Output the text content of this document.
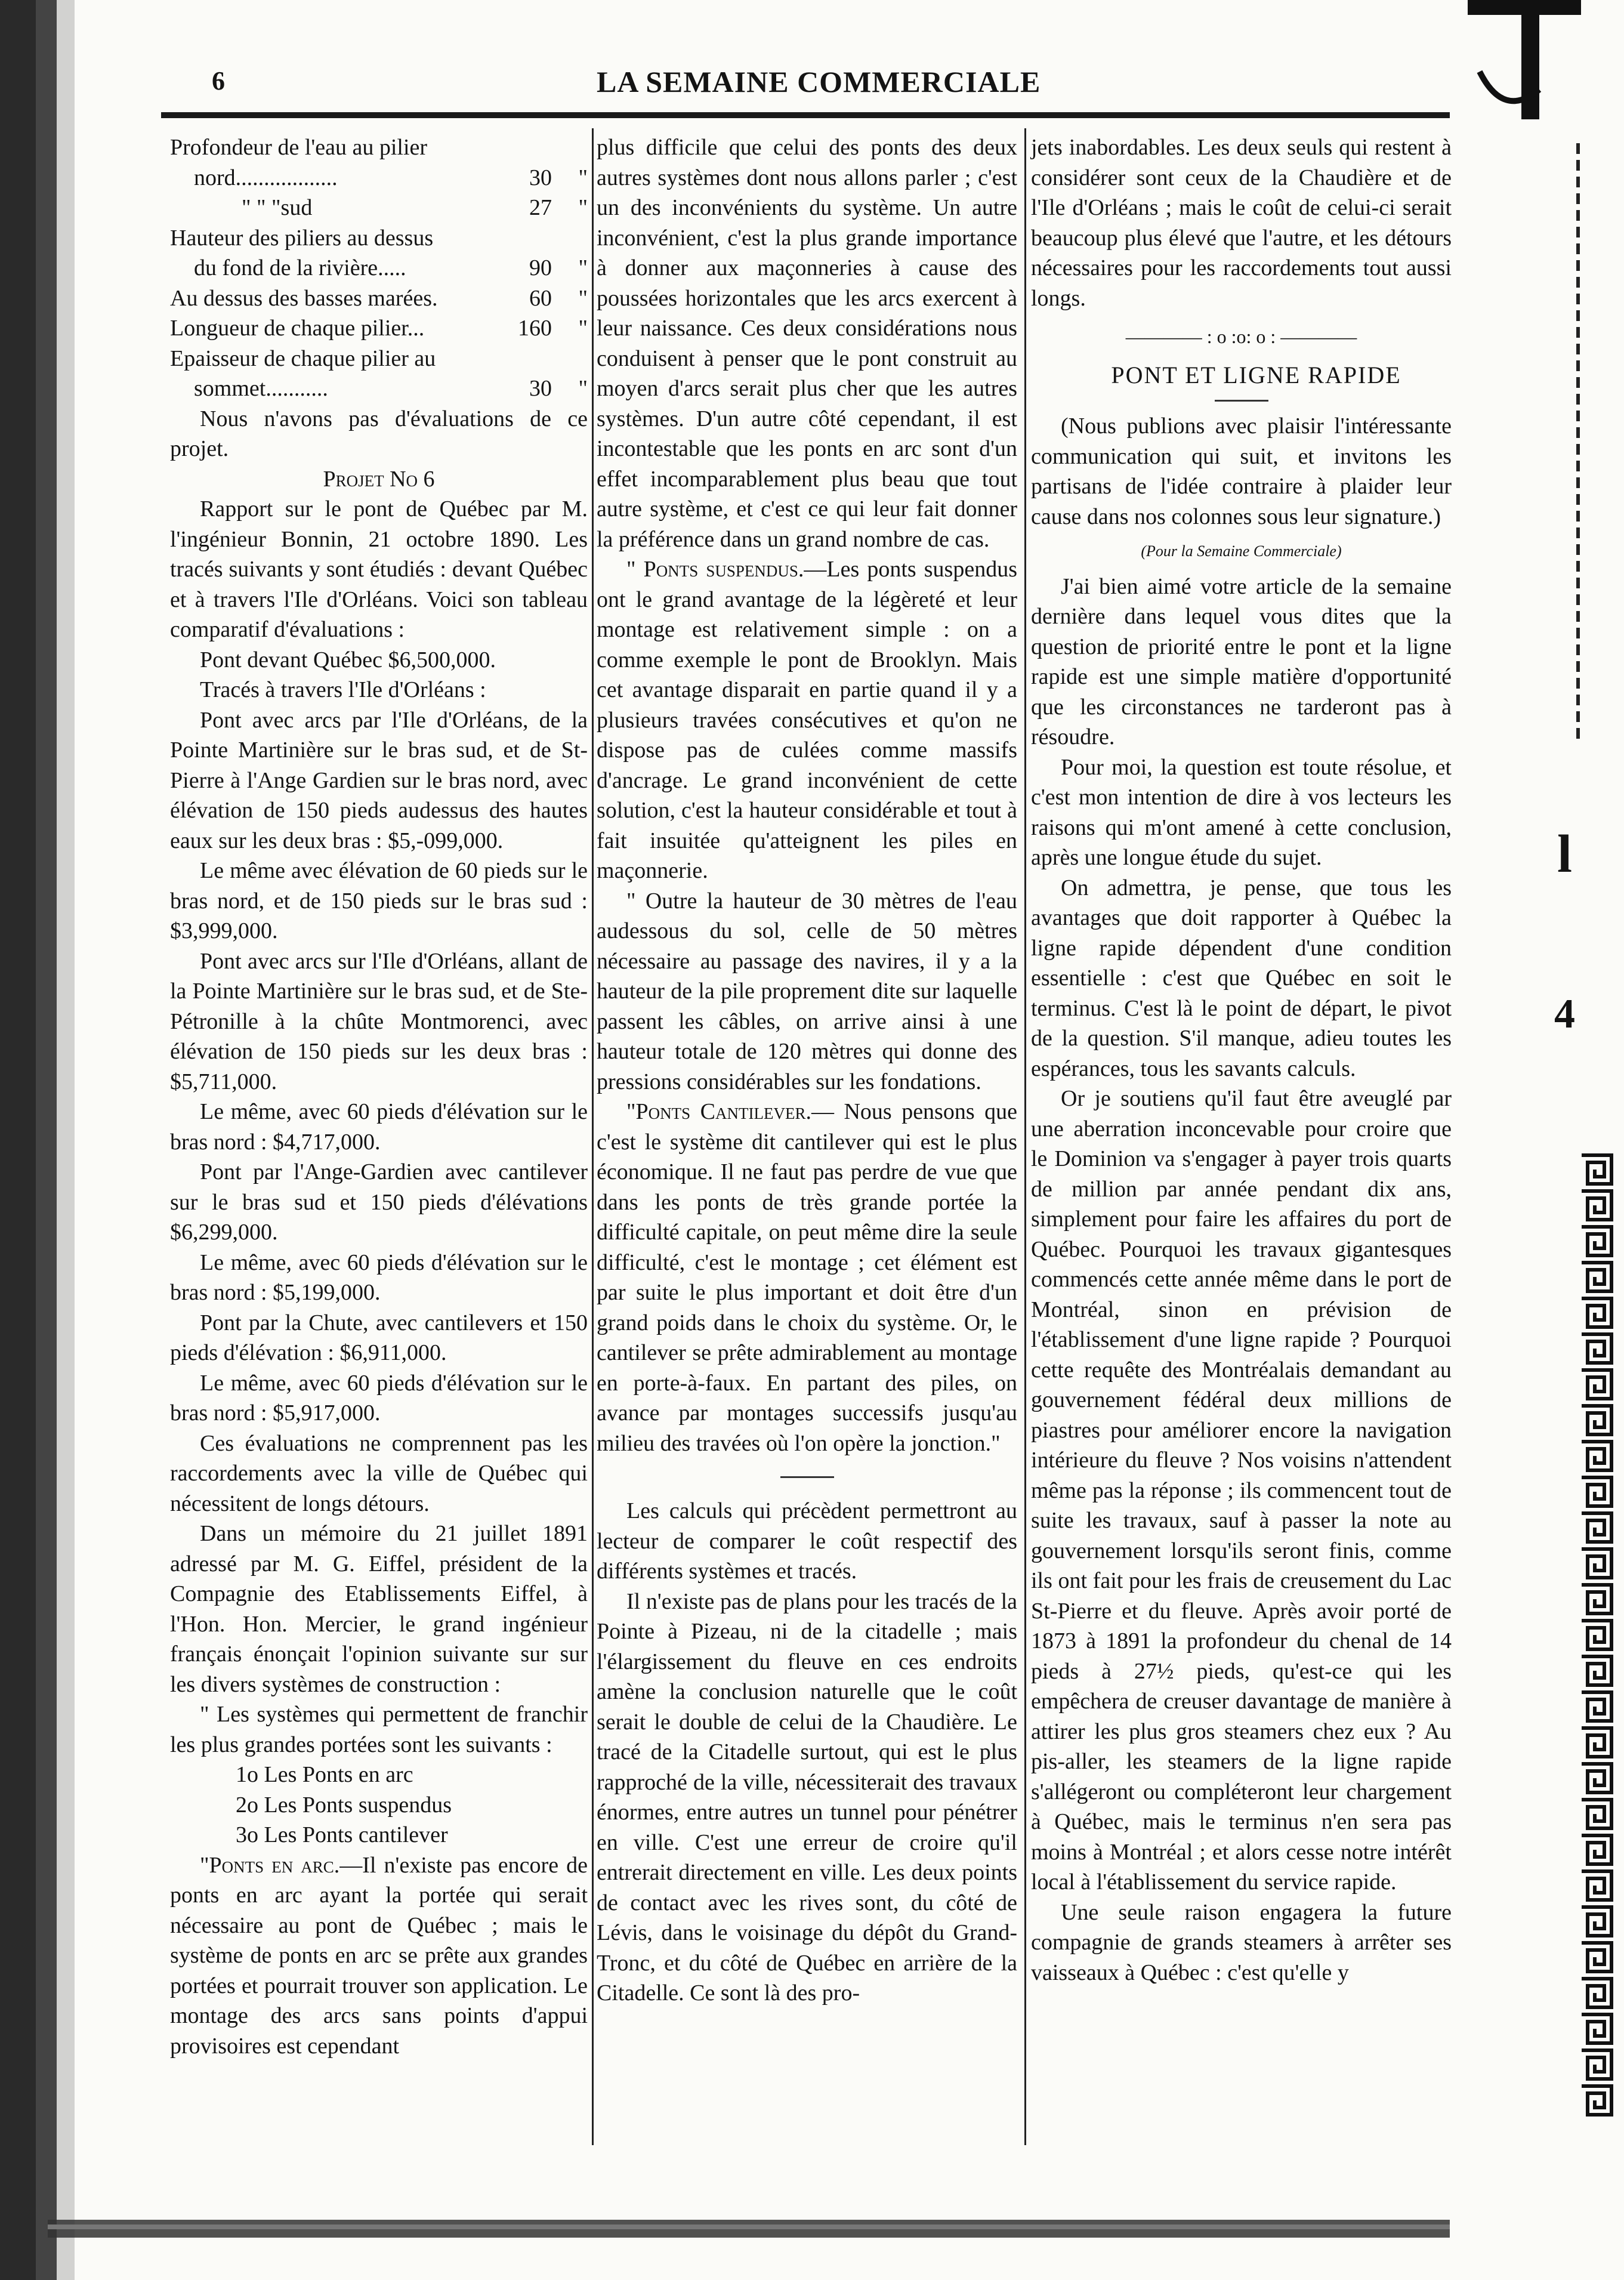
6	LA SEMAINE COMMERCIALE
Profondeur de l'eau au pilier
nord..................	30	"
" " "sud	27	"
Hauteur des piliers au dessus
du fond de la rivière.....	90	"
Au dessus des basses marées.	60	"
Longueur de chaque pilier...	160	"
Epaisseur de chaque pilier au
sommet...........	30	"

Nous n'avons pas d'évaluations de ce projet.

Projet No 6

Rapport sur le pont de Québec par M. l'ingénieur Bonnin, 21 octobre 1890. Les tracés suivants y sont étudiés : devant Québec et à travers l'Ile d'Orléans. Voici son tableau comparatif d'évaluations :

Pont devant Québec $6,500,000.

Tracés à travers l'Ile d'Orléans :

Pont avec arcs par l'Ile d'Orléans, de la Pointe Martinière sur le bras sud, et de St-Pierre à l'Ange Gardien sur le bras nord, avec élévation de 150 pieds audessus des hautes eaux sur les deux bras : $5,-099,000.

Le même avec élévation de 60 pieds sur le bras nord, et de 150 pieds sur le bras sud : $3,999,000.

Pont avec arcs sur l'Ile d'Orléans, allant de la Pointe Martinière sur le bras sud, et de Ste-Pétronille à la chûte Montmorenci, avec élévation de 150 pieds sur les deux bras : $5,711,000.

Le même, avec 60 pieds d'élévation sur le bras nord : $4,717,000.

Pont par l'Ange-Gardien avec cantilever sur le bras sud et 150 pieds d'élévations $6,299,000.

Le même, avec 60 pieds d'élévation sur le bras nord : $5,199,000.

Pont par la Chute, avec cantilevers et 150 pieds d'élévation : $6,911,000.

Le même, avec 60 pieds d'élévation sur le bras nord : $5,917,000.

Ces évaluations ne comprennent pas les raccordements avec la ville de Québec qui nécessitent de longs détours.

Dans un mémoire du 21 juillet 1891 adressé par M. G. Eiffel, président de la Compagnie des Etablissements Eiffel, à l'Hon. Hon. Mercier, le grand ingénieur français énonçait l'opinion suivante sur sur les divers systèmes de construction :

" Les systèmes qui permettent de franchir les plus grandes portées sont les suivants :

1o Les Ponts en arc

2o Les Ponts suspendus

3o Les Ponts cantilever

"Ponts en arc.—Il n'existe pas encore de ponts en arc ayant la portée qui serait nécessaire au pont de Québec ; mais le système de ponts en arc se prête aux grandes portées et pourrait trouver son application. Le montage des arcs sans points d'appui provisoires est cependant

plus difficile que celui des ponts des deux autres systèmes dont nous allons parler ; c'est un des inconvénients du système. Un autre inconvénient, c'est la plus grande importance à donner aux maçonneries à cause des poussées horizontales que les arcs exercent à leur naissance. Ces deux considérations nous conduisent à penser que le pont construit au moyen d'arcs serait plus cher que les autres systèmes. D'un autre côté cependant, il est incontestable que les ponts en arc sont d'un effet incomparablement plus beau que tout autre système, et c'est ce qui leur fait donner la préférence dans un grand nombre de cas.

" Ponts suspendus.—Les ponts suspendus ont le grand avantage de la légèreté et leur montage est relativement simple : on a comme exemple le pont de Brooklyn. Mais cet avantage disparait en partie quand il y a plusieurs travées consécutives et qu'on ne dispose pas de culées comme massifs d'ancrage. Le grand inconvénient de cette solution, c'est la hauteur considérable et tout à fait insuitée qu'atteignent les piles en maçonnerie.

" Outre la hauteur de 30 mètres de l'eau audessous du sol, celle de 50 mètres nécessaire au passage des navires, il y a la hauteur de la pile proprement dite sur laquelle passent les câbles, on arrive ainsi à une hauteur totale de 120 mètres qui donne des pressions considérables sur les fondations.

"Ponts Cantilever.— Nous pensons que c'est le système dit cantilever qui est le plus économique. Il ne faut pas perdre de vue que dans les ponts de très grande portée la difficulté capitale, on peut même dire la seule difficulté, c'est le montage ; cet élément est par suite le plus important et doit être d'un grand poids dans le choix du système. Or, le cantilever se prête admirablement au montage en porte-à-faux. En partant des piles, on avance par montages successifs jusqu'au milieu des travées où l'on opère la jonction."

Les calculs qui précèdent permettront au lecteur de comparer le coût respectif des différents systèmes et tracés.

Il n'existe pas de plans pour les tracés de la Pointe à Pizeau, ni de la citadelle ; mais l'élargissement du fleuve en ces endroits amène la conclusion naturelle que le coût serait le double de celui de la Chaudière. Le tracé de la Citadelle surtout, qui est le plus rapproché de la ville, nécessiterait des travaux énormes, entre autres un tunnel pour pénétrer en ville. C'est une erreur de croire qu'il entrerait directement en ville. Les deux points de contact avec les rives sont, du côté de Lévis, dans le voisinage du dépôt du Grand-Tronc, et du côté de Québec en arrière de la Citadelle. Ce sont là des pro-

jets inabordables. Les deux seuls qui restent à considérer sont ceux de la Chaudière et de l'Ile d'Orléans ; mais le coût de celui-ci serait beaucoup plus élevé que l'autre, et les détours nécessaires pour les raccordements tout aussi longs.

———— : o :o: o : ————

PONT ET LIGNE RAPIDE

(Nous publions avec plaisir l'intéressante communication qui suit, et invitons les partisans de l'idée contraire à plaider leur cause dans nos colonnes sous leur signature.)

(Pour la Semaine Commerciale)

J'ai bien aimé votre article de la semaine dernière dans lequel vous dites que la question de priorité entre le pont et la ligne rapide est une simple matière d'opportunité que les circonstances ne tarderont pas à résoudre.

Pour moi, la question est toute résolue, et c'est mon intention de dire à vos lecteurs les raisons qui m'ont amené à cette conclusion, après une longue étude du sujet.

On admettra, je pense, que tous les avantages que doit rapporter à Québec la ligne rapide dépendent d'une condition essentielle : c'est que Québec en soit le terminus. C'est là le point de départ, le pivot de la question. S'il manque, adieu toutes les espérances, tous les savants calculs.

Or je soutiens qu'il faut être aveuglé par une aberration inconcevable pour croire que le Dominion va s'engager à payer trois quarts de million par année pendant dix ans, simplement pour faire les affaires du port de Québec. Pourquoi les travaux gigantesques commencés cette année même dans le port de Montréal, sinon en prévision de l'établissement d'une ligne rapide ? Pourquoi cette requête des Montréalais demandant au gouvernement fédéral deux millions de piastres pour améliorer encore la navigation intérieure du fleuve ? Nos voisins n'attendent même pas la réponse ; ils commencent tout de suite les travaux, sauf à passer la note au gouvernement lorsqu'ils seront finis, comme ils ont fait pour les frais de creusement du Lac St-Pierre et du fleuve. Après avoir porté de 1873 à 1891 la profondeur du chenal de 14 pieds à 27½ pieds, qu'est-ce qui les empêchera de creuser davantage de manière à attirer les plus gros steamers chez eux ? Au pis-aller, les steamers de la ligne rapide s'allégeront ou compléteront leur chargement à Québec, mais le terminus n'en sera pas moins à Montréal ; et alors cesse notre intérêt local à l'établissement du service rapide.

Une seule raison engagera la future compagnie de grands steamers à arrêter ses vaisseaux à Québec : c'est qu'elle y

l
4
